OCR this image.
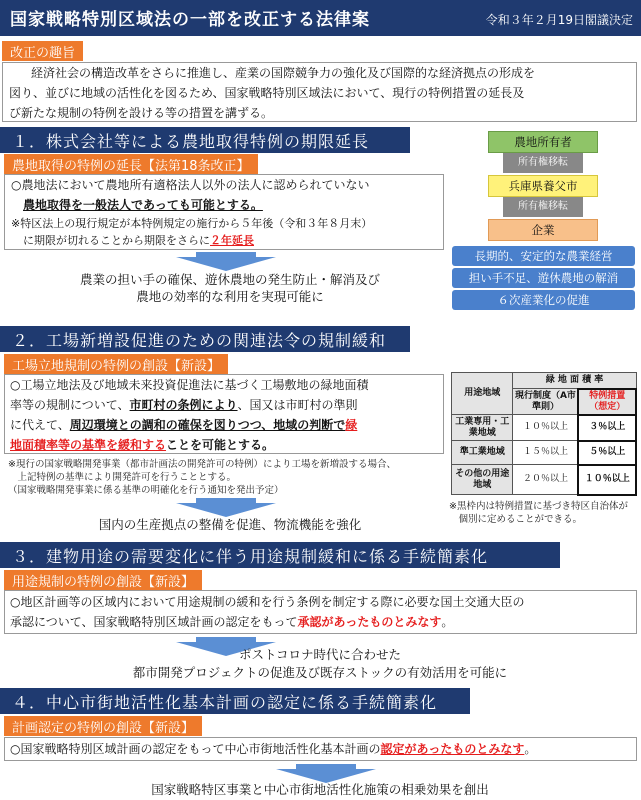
国家戦略特別区域法の一部を改正する法律案	令和３年２月19日閣議決定
改正の趣旨

経済社会の構造改革をさらに推進し、産業の国際競争力の強化及び国際的な経済拠点の形成を

図り、並びに地域の活性化を図るため、国家戦略特別区域法において、現行の特例措置の延長及

び新たな規制の特例を設ける等の措置を講ずる。

１．株式会社等による農地取得特例の期限延長
農地取得の特例の延長【法第18条改正】

○農地法において農地所有適格法人以外の法人に認められていない

農地取得を一般法人であっても可能とする。

※特区法上の現行規定が本特例規定の施行から５年後（令和３年８月末）

に期限が切れることから期限をさらに２年延長

農業の担い手の確保、遊休農地の発生防止・解消及び
農地の効率的な利用を実現可能に
農地所有者
所有権移転
兵庫県養父市
所有権移転
企業
長期的、安定的な農業経営
担い手不足、遊休農地の解消
６次産業化の促進
２．工場新増設促進のための関連法令の規制緩和
工場立地規制の特例の創設【新設】

○工場立地法及び地域未来投資促進法に基づく工場敷地の緑地面積

率等の規制について、市町村の条例により、国又は市町村の準則

に代えて、周辺環境との調和の確保を図りつつ、地域の判断で緑

地面積率等の基準を緩和することを可能とする。

※現行の国家戦略開発事業（都市計画法の開発許可の特例）により工場を新増設する場合、
　上記特例の基準により開発許可を行うこととする。
（国家戦略開発事業に係る基準の明確化を行う通知を発出予定）
国内の生産拠点の整備を促進、物流機能を強化
用途地域	緑 地 面 積 率	
	現行制度（A市準則）	特例措置（想定）
工業専用・工業地域	１０％以上	３％以上
準工業地域	１５％以上	５％以上
その他の用途地域	２０％以上	１０％以上
※黒枠内は特例措置に基づき特区自治体が
　個別に定めることができる。
３．建物用途の需要変化に伴う用途規制緩和に係る手続簡素化
用途規制の特例の創設【新設】

○地区計画等の区域内において用途規制の緩和を行う条例を制定する際に必要な国土交通大臣の

承認について、国家戦略特別区域計画の認定をもって承認があったものとみなす。

ポストコロナ時代に合わせた
都市開発プロジェクトの促進及び既存ストックの有効活用を可能に
４．中心市街地活性化基本計画の認定に係る手続簡素化
計画認定の特例の創設【新設】

○国家戦略特別区域計画の認定をもって中心市街地活性化基本計画の認定があったものとみなす。

国家戦略特区事業と中心市街地活性化施策の相乗効果を創出
